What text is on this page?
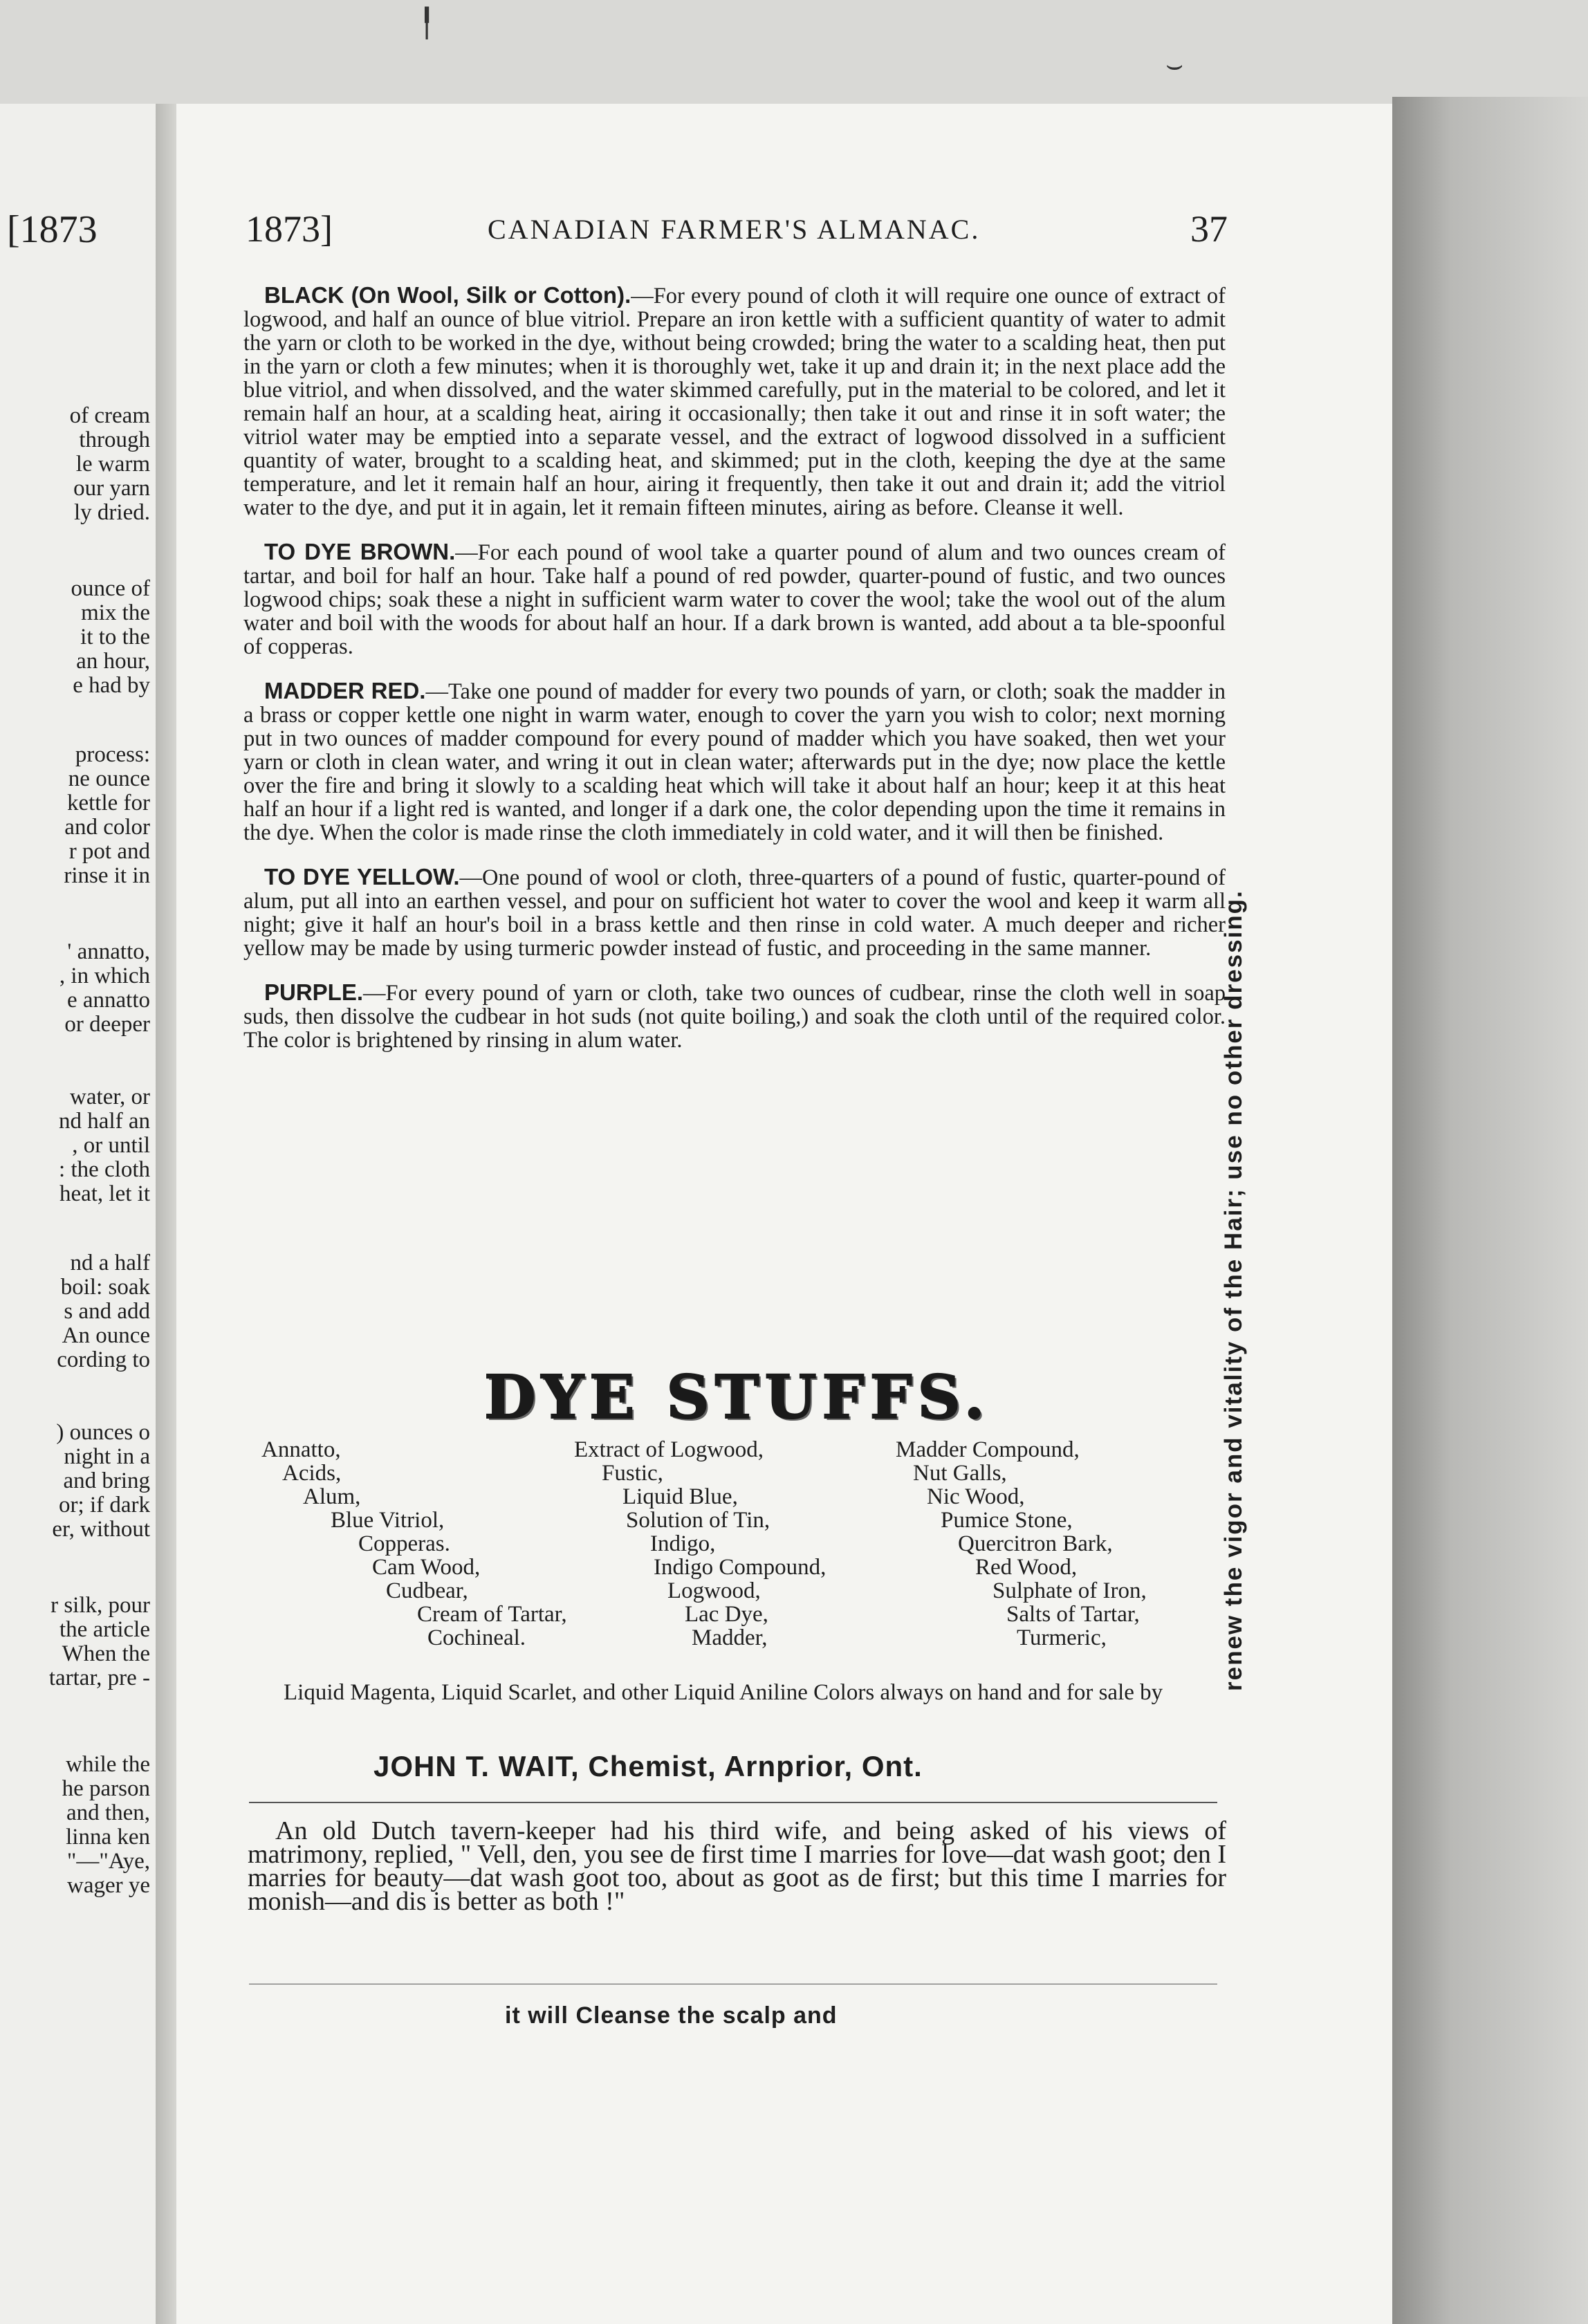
╿
⌣
[1873
of cream
through
le warm
our yarn
ly dried.
ounce of
mix the
it to the
an hour,
e had by
process:
ne ounce
kettle for
and color
r pot and
rinse it in
' annatto,
, in which
e annatto
or deeper
water, or
nd half an
, or until
: the cloth
heat, let it
nd a half
boil: soak
s and add
An ounce
cording to
) ounces o
night in a
and bring
or; if dark
er, without
r silk, pour
the article
When the
tartar, pre -
while the
he parson
and then,
linna ken
"—"Aye,
wager ye
1873]	CANADIAN FARMER'S ALMANAC.	37

BLACK (On Wool, Silk or Cotton).—For every pound of cloth it will require one ounce of extract of logwood, and half an ounce of blue vitriol. Prepare an iron kettle with a sufficient quantity of water to admit the yarn or cloth to be worked in the dye, without being crowded; bring the water to a scalding heat, then put in the yarn or cloth a few minutes; when it is thoroughly wet, take it up and drain it; in the next place add the blue vitriol, and when dissolved, and the water skimmed carefully, put in the material to be colored, and let it remain half an hour, at a scalding heat, airing it occasionally; then take it out and rinse it in soft water; the vitriol water may be emptied into a separate vessel, and the extract of logwood dissolved in a sufficient quantity of water, brought to a scalding heat, and skimmed; put in the cloth, keeping the dye at the same temperature, and let it remain half an hour, airing it frequently, then take it out and drain it; add the vitriol water to the dye, and put it in again, let it remain fifteen minutes, airing as before. Cleanse it well.

TO DYE BROWN.—For each pound of wool take a quarter pound of alum and two ounces cream of tartar, and boil for half an hour. Take half a pound of red powder, quarter-pound of fustic, and two ounces logwood chips; soak these a night in sufficient warm water to cover the wool; take the wool out of the alum water and boil with the woods for about half an hour. If a dark brown is wanted, add about a ta ble-spoonful of copperas.

MADDER RED.—Take one pound of madder for every two pounds of yarn, or cloth; soak the madder in a brass or copper kettle one night in warm water, enough to cover the yarn you wish to color; next morning put in two ounces of madder compound for every pound of madder which you have soaked, then wet your yarn or cloth in clean water, and wring it out in clean water; afterwards put in the dye; now place the kettle over the fire and bring it slowly to a scalding heat which will take it about half an hour; keep it at this heat half an hour if a light red is wanted, and longer if a dark one, the color depending upon the time it remains in the dye. When the color is made rinse the cloth immediately in cold water, and it will then be finished.

TO DYE YELLOW.—One pound of wool or cloth, three-quarters of a pound of fustic, quarter-pound of alum, put all into an earthen vessel, and pour on sufficient hot water to cover the wool and keep it warm all night; give it half an hour's boil in a brass kettle and then rinse in cold water. A much deeper and richer yellow may be made by using turmeric powder instead of fustic, and proceeding in the same manner.

PURPLE.—For every pound of yarn or cloth, take two ounces of cudbear, rinse the cloth well in soap suds, then dissolve the cudbear in hot suds (not quite boiling,) and soak the cloth until of the required color. The color is brightened by rinsing in alum water.

DYE STUFFS.
Annatto,
Acids,
Alum,
Blue Vitriol,
Copperas.
Cam Wood,
Cudbear,
Cream of Tartar,
Cochineal.
Extract of Logwood,
Fustic,
Liquid Blue,
Solution of Tin,
Indigo,
Indigo Compound,
Logwood,
Lac Dye,
Madder,
Madder Compound,
Nut Galls,
Nic Wood,
Pumice Stone,
Quercitron Bark,
Red Wood,
Sulphate of Iron,
Salts of Tartar,
Turmeric,
Liquid Magenta, Liquid Scarlet, and other Liquid Aniline Colors always on hand and for sale by
JOHN T. WAIT, Chemist, Arnprior, Ont.
An old Dutch tavern-keeper had his third wife, and being asked of his views of matrimony, replied, " Vell, den, you see de first time I marries for love—dat wash goot; den I marries for beauty—dat wash goot too, about as goot as de first; but this time I marries for monish—and dis is better as both !"
it will Cleanse the scalp and
renew the vigor and vitality of the Hair; use no other dressing.
